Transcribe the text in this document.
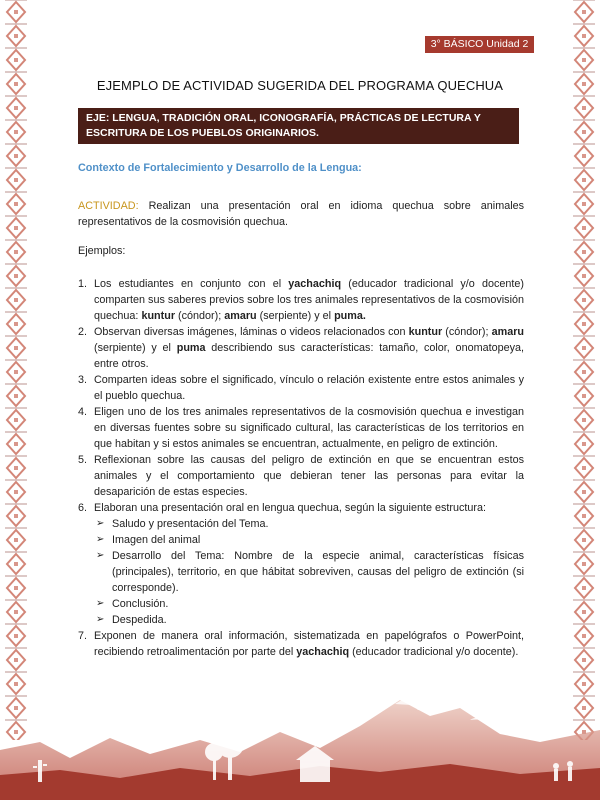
3° BÁSICO Unidad 2
EJEMPLO DE ACTIVIDAD SUGERIDA DEL PROGRAMA QUECHUA
EJE: LENGUA, TRADICIÓN ORAL, ICONOGRAFÍA, PRÁCTICAS DE LECTURA Y ESCRITURA DE LOS PUEBLOS ORIGINARIOS.
Contexto de Fortalecimiento y Desarrollo de la Lengua:
ACTIVIDAD: Realizan una presentación oral en idioma quechua sobre animales representativos de la cosmovisión quechua.
Ejemplos:
1. Los estudiantes en conjunto con el yachachiq (educador tradicional y/o docente) comparten sus saberes previos sobre los tres animales representativos de la cosmovisión quechua: kuntur (cóndor); amaru (serpiente) y el puma.
2. Observan diversas imágenes, láminas o videos relacionados con kuntur (cóndor); amaru (serpiente) y el puma describiendo sus características: tamaño, color, onomatopeya, entre otros.
3. Comparten ideas sobre el significado, vínculo o relación existente entre estos animales y el pueblo quechua.
4. Eligen uno de los tres animales representativos de la cosmovisión quechua e investigan en diversas fuentes sobre su significado cultural, las características de los territorios en que habitan y si estos animales se encuentran, actualmente, en peligro de extinción.
5. Reflexionan sobre las causas del peligro de extinción en que se encuentran estos animales y el comportamiento que debieran tener las personas para evitar la desaparición de estas especies.
6. Elaboran una presentación oral en lengua quechua, según la siguiente estructura:
➢ Saludo y presentación del Tema.
➢ Imagen del animal
➢ Desarrollo del Tema: Nombre de la especie animal, características físicas (principales), territorio, en que hábitat sobreviven, causas del peligro de extinción (si corresponde).
➢ Conclusión.
➢ Despedida.
7. Exponen de manera oral información, sistematizada en papelógrafos o PowerPoint, recibiendo retroalimentación por parte del yachachiq (educador tradicional y/o docente).
